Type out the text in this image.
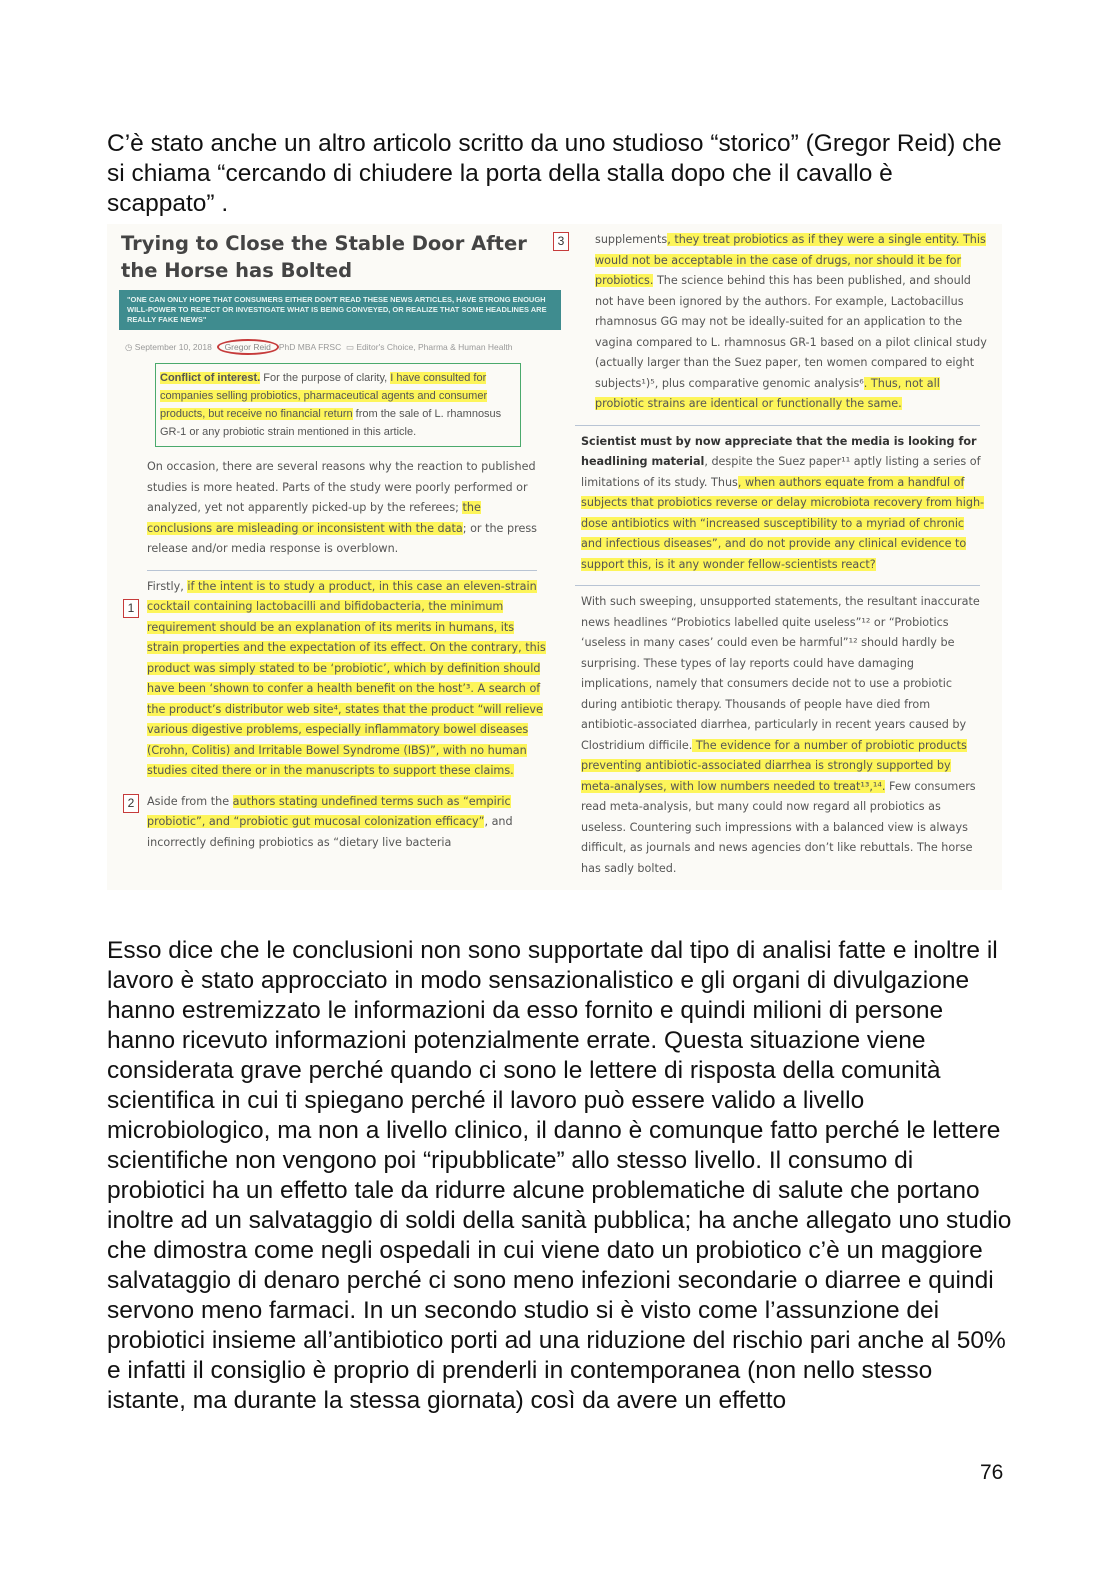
C’è stato anche un altro articolo scritto da uno studioso “storico” (Gregor Reid) che si chiama “cercando di chiudere la porta della stalla dopo che il cavallo è scappato” .

Trying to Close the Stable Door After the Horse has Bolted
"ONE CAN ONLY HOPE THAT CONSUMERS EITHER DON'T READ THESE NEWS ARTICLES, HAVE STRONG ENOUGH WILL-POWER TO REJECT OR INVESTIGATE WHAT IS BEING CONVEYED, OR REALIZE THAT SOME HEADLINES ARE REALLY FAKE NEWS"
◷ September 10, 2018 Gregor Reid PhD MBA FRSC ▭ Editor's Choice, Pharma & Human Health
Conflict of interest. For the purpose of clarity, I have consulted for companies selling probiotics, pharmaceutical agents and consumer products, but receive no financial return from the sale of L. rhamnosus GR-1 or any probiotic strain mentioned in this article.

On occasion, there are several reasons why the reaction to published studies is more heated. Parts of the study were poorly performed or analyzed, yet not apparently picked-up by the referees; the conclusions are misleading or inconsistent with the data; or the press release and/or media response is overblown.

1

Firstly, if the intent is to study a product, in this case an eleven-strain cocktail containing lactobacilli and bifidobacteria, the minimum requirement should be an explanation of its merits in humans, its strain properties and the expectation of its effect. On the contrary, this product was simply stated to be ‘probiotic’, which by definition should have been ‘shown to confer a health benefit on the host’³. A search of the product’s distributor web site⁴, states that the product “will relieve various digestive problems, especially inflammatory bowel diseases (Crohn, Colitis) and Irritable Bowel Syndrome (IBS)”, with no human studies cited there or in the manuscripts to support these claims.

2	Aside from the authors stating undefined terms such as “empiric probiotic”, and “probiotic gut mucosal colonization efficacy”, and incorrectly defining probiotics as “dietary live bacteria

3	supplements, they treat probiotics as if they were a single entity. This would not be acceptable in the case of drugs, nor should it be for probiotics. The science behind this has been published, and should not have been ignored by the authors. For example, Lactobacillus rhamnosus GG may not be ideally-suited for an application to the vagina compared to L. rhamnosus GR-1 based on a pilot clinical study (actually larger than the Suez paper, ten women compared to eight subjects¹)⁵, plus comparative genomic analysis⁶. Thus, not all probiotic strains are identical or functionally the same.

Scientist must by now appreciate that the media is looking for headlining material, despite the Suez paper¹¹ aptly listing a series of limitations of its study. Thus, when authors equate from a handful of subjects that probiotics reverse or delay microbiota recovery from high-dose antibiotics with “increased susceptibility to a myriad of chronic and infectious diseases”, and do not provide any clinical evidence to support this, is it any wonder fellow-scientists react?

With such sweeping, unsupported statements, the resultant inaccurate news headlines “Probiotics labelled quite useless”¹² or “Probiotics ‘useless in many cases’ could even be harmful”¹² should hardly be surprising. These types of lay reports could have damaging implications, namely that consumers decide not to use a probiotic during antibiotic therapy. Thousands of people have died from antibiotic-associated diarrhea, particularly in recent years caused by Clostridium difficile. The evidence for a number of probiotic products preventing antibiotic-associated diarrhea is strongly supported by meta-analyses, with low numbers needed to treat¹³,¹⁴. Few consumers read meta-analysis, but many could now regard all probiotics as useless. Countering such impressions with a balanced view is always difficult, as journals and news agencies don’t like rebuttals. The horse has sadly bolted.

Esso dice che le conclusioni non sono supportate dal tipo di analisi fatte e inoltre il lavoro è stato approcciato in modo sensazionalistico e gli organi di divulgazione hanno estremizzato le informazioni da esso fornito e quindi milioni di persone hanno ricevuto informazioni potenzialmente errate. Questa situazione viene considerata grave perché quando ci sono le lettere di risposta della comunità scientifica in cui ti spiegano perché il lavoro può essere valido a livello microbiologico, ma non a livello clinico, il danno è comunque fatto perché le lettere scientifiche non vengono poi “ripubblicate” allo stesso livello. Il consumo di probiotici ha un effetto tale da ridurre alcune problematiche di salute che portano inoltre ad un salvataggio di soldi della sanità pubblica; ha anche allegato uno studio che dimostra come negli ospedali in cui viene dato un probiotico c’è un maggiore salvataggio di denaro perché ci sono meno infezioni secondarie o diarree e quindi servono meno farmaci. In un secondo studio si è visto come l’assunzione dei probiotici insieme all’antibiotico porti ad una riduzione del rischio pari anche al 50% e infatti il consiglio è proprio di prenderli in contemporanea (non nello stesso istante, ma durante la stessa giornata) così da avere un effetto

76
